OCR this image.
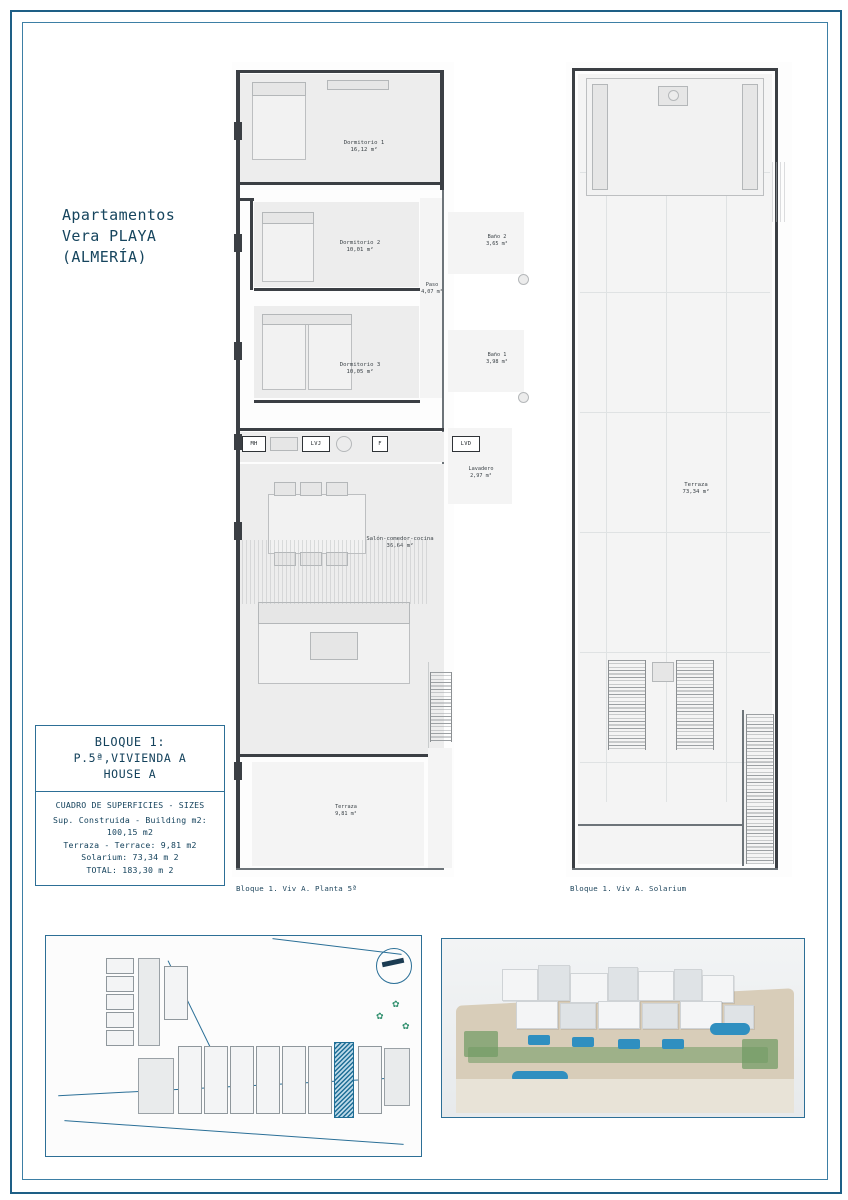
Apartamentos
Vera PLAYA
(ALMERÍA)
BLOQUE 1:
P.5ª,VIVIENDA A
HOUSE A
CUADRO DE SUPERFICIES - SIZES
Sup. Construida - Building m2: 100,15 m2
Terraza - Terrace: 9,81 m2
Solarium: 73,34 m 2
TOTAL: 183,30 m 2
Dormitorio 1
16,12 m²
Dormitorio 2
10,01 m²
Dormitorio 3
10,05 m²
Paso
4,07 m²
Baño 2
3,65 m²
Baño 1
3,98 m²
MH	LVJ	F	LVD
Lavadero
2,97 m²
Salón-comedor-cocina
36,64 m²
Terraza
9,81 m²
Bloque 1. Viv A. Planta 5ª
Terraza
73,34 m²
Bloque 1. Viv A. Solarium
✿
✿
✿
